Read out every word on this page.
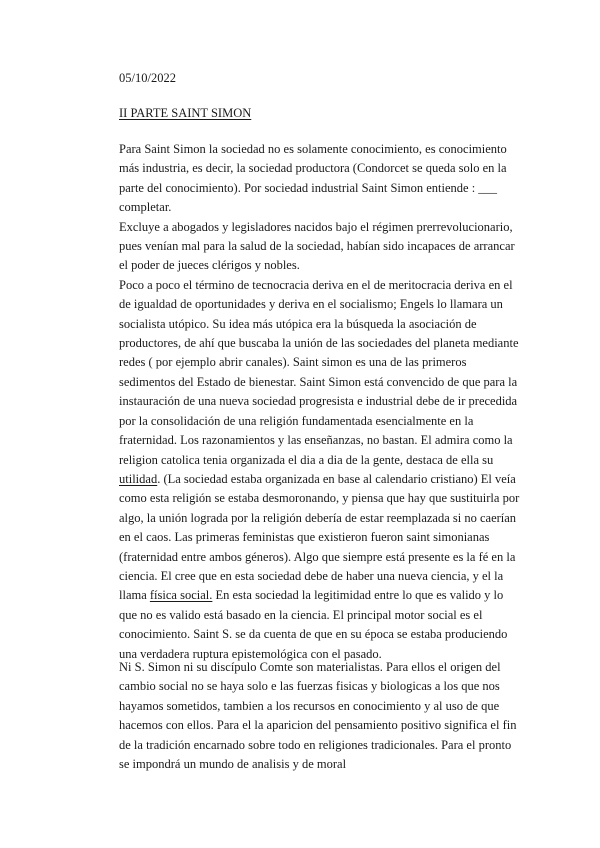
05/10/2022

II PARTE SAINT SIMON

Para Saint Simon la sociedad no es solamente conocimiento, es conocimiento más industria, es decir, la sociedad productora (Condorcet se queda solo en la parte del conocimiento). Por sociedad industrial Saint Simon entiende : ___ completar.

Excluye a abogados y legisladores nacidos bajo el régimen prerrevolucionario, pues venían mal para la salud de la sociedad, habían sido incapaces de arrancar el poder de jueces clérigos y nobles.

Poco a poco el término de tecnocracia deriva en el de meritocracia deriva en el de igualdad de oportunidades y deriva en el socialismo; Engels lo llamara un socialista utópico. Su idea más utópica era la búsqueda la asociación de productores, de ahí que buscaba la unión de las sociedades del planeta mediante redes ( por ejemplo abrir canales). Saint simon es una de las primeros sedimentos del Estado de bienestar. Saint Simon está convencido de que para la instauración de una nueva sociedad progresista e industrial debe de ir precedida por la consolidación de una religión fundamentada esencialmente en la fraternidad. Los razonamientos y las enseñanzas, no bastan. El admira como la religion catolica tenia organizada el dia a dia de la gente, destaca de ella su utilidad. (La sociedad estaba organizada en base al calendario cristiano) El veía como esta religión se estaba desmoronando, y piensa que hay que sustituirla por algo, la unión lograda por la religión debería de estar reemplazada si no caerían en el caos. Las primeras feministas que existieron fueron saint simonianas (fraternidad entre ambos géneros). Algo que siempre está presente es la fé en la ciencia. El cree que en esta sociedad debe de haber una nueva ciencia, y el la llama física social. En esta sociedad la legitimidad entre lo que es valido y lo que no es valido está basado en la ciencia. El principal motor social es el conocimiento. Saint S. se da cuenta de que en su época se estaba produciendo una verdadera ruptura epistemológica con el pasado.

Ni S. Simon ni su discípulo Comte son materialistas. Para ellos el origen del cambio social no se haya solo e las fuerzas fisicas y biologicas a los que nos hayamos sometidos, tambien a los recursos en conocimiento y al uso de que hacemos con ellos. Para el la aparicion del pensamiento positivo significa el fin de la tradición encarnado sobre todo en religiones tradicionales. Para el pronto se impondrá un mundo de analisis y de moral
